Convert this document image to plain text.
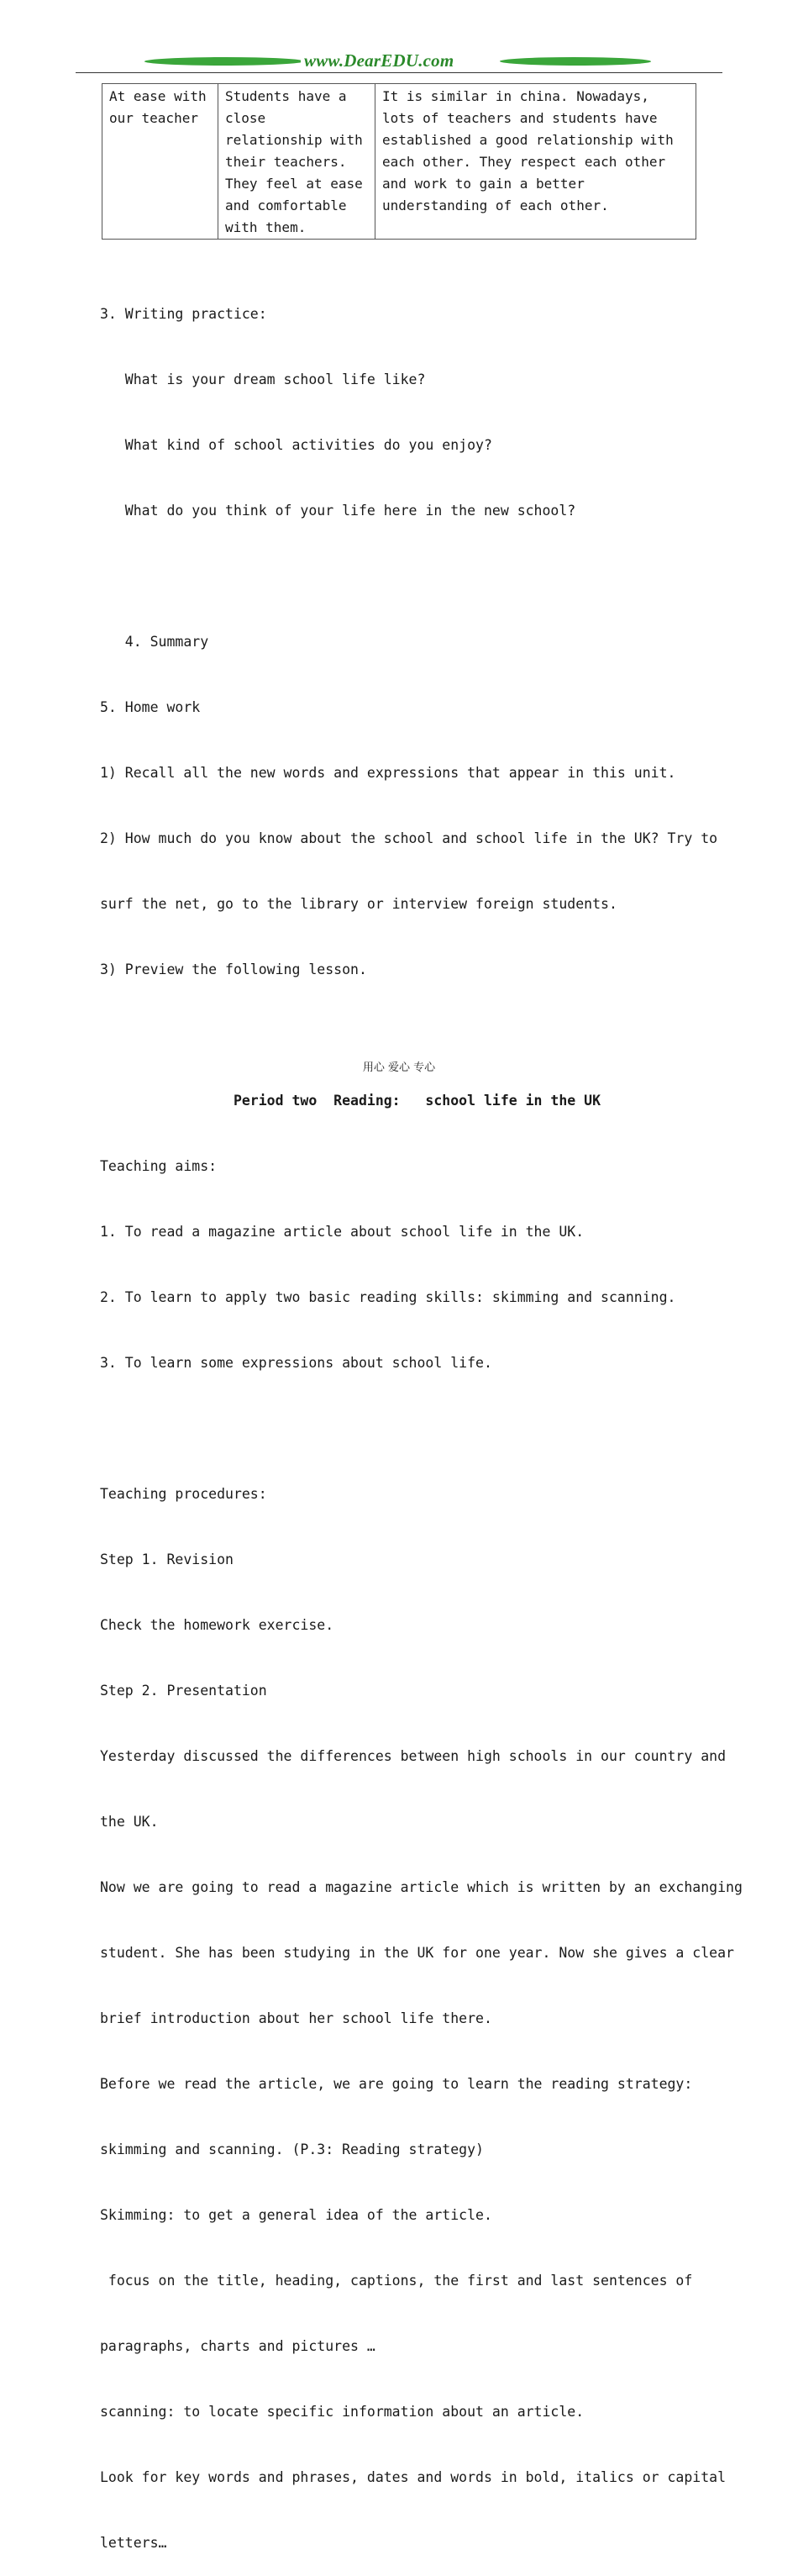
www.DearEDU.com
At ease with our teacher	Students have a close relationship with their teachers. They feel at ease and comfortable with them.	It is similar in china. Nowadays, lots of teachers and students have established a good relationship with each other. They respect each other and work to gain a better understanding of each other.

3. Writing practice:

What is your dream school life like?

What kind of school activities do you enjoy?

What do you think of your life here in the new school?

4. Summary

5. Home work

1) Recall all the new words and expressions that appear in this unit.

2) How much do you know about the school and school life in the UK? Try to

surf the net, go to the library or interview foreign students.

3) Preview the following lesson.

Period two  Reading:   school life in the UK

Teaching aims:

1. To read a magazine article about school life in the UK.

2. To learn to apply two basic reading skills: skimming and scanning.

3. To learn some expressions about school life.

Teaching procedures:

Step 1. Revision

Check the homework exercise.

Step 2. Presentation

Yesterday discussed the differences between high schools in our country and

the UK.

Now we are going to read a magazine article which is written by an exchanging

student. She has been studying in the UK for one year. Now she gives a clear

brief introduction about her school life there.

Before we read the article, we are going to learn the reading strategy:

skimming and scanning. (P.3: Reading strategy)

Skimming: to get a general idea of the article.

focus on the title, heading, captions, the first and last sentences of

paragraphs, charts and pictures …

scanning: to locate specific information about an article.

Look for key words and phrases, dates and words in bold, italics or capital

letters…

用心 爱心 专心
